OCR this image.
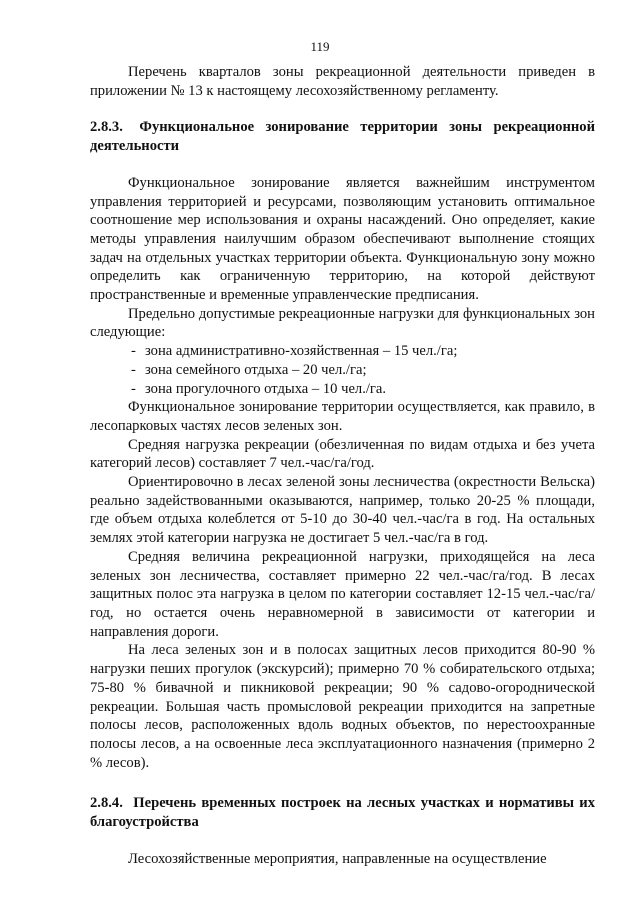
119

Перечень кварталов зоны рекреационной деятельности приведен в приложении № 13 к настоящему лесохозяйственному регламенту.

2.8.3. Функциональное зонирование территории зоны рекреационной деятельности

Функциональное зонирование является важнейшим инструментом управления территорией и ресурсами, позволяющим установить оптимальное соотношение мер использования и охраны насаждений. Оно определяет, какие методы управления наилучшим образом обеспечивают выполнение стоящих задач на отдельных участках территории объекта. Функциональную зону можно определить как ограниченную территорию, на которой действуют пространственные и временные управленческие предписания.

Предельно допустимые рекреационные нагрузки для функциональных зон следующие:

- зона административно-хозяйственная – 15 чел./га;
- зона семейного отдыха – 20 чел./га;
- зона прогулочного отдыха – 10 чел./га.

Функциональное зонирование территории осуществляется, как правило, в лесопарковых частях лесов зеленых зон.

Средняя нагрузка рекреации (обезличенная по видам отдыха и без учета категорий лесов) составляет 7 чел.-час/га/год.

Ориентировочно в лесах зеленой зоны лесничества (окрестности Вельска) реально задействованными оказываются, например, только 20-25 % площади, где объем отдыха колеблется от 5-10 до 30-40 чел.-час/га в год. На остальных землях этой категории нагрузка не достигает 5 чел.-час/га в год.

Средняя величина рекреационной нагрузки, приходящейся на леса зеленых зон лесничества, составляет примерно 22 чел.-час/га/год. В лесах защитных полос эта нагрузка в целом по категории составляет 12-15 чел.-час/га/год, но остается очень неравномерной в зависимости от категории и направления дороги.

На леса зеленых зон и в полосах защитных лесов приходится 80-90 % нагрузки пеших прогулок (экскурсий); примерно 70 % собирательского отдыха; 75-80 % бивачной и пикниковой рекреации; 90 % садово-огороднической рекреации. Большая часть промысловой рекреации приходится на запретные полосы лесов, расположенных вдоль водных объектов, по нерестоохранные полосы лесов, а на освоенные леса эксплуатационного назначения (примерно 2 % лесов).

2.8.4. Перечень временных построек на лесных участках и нормативы их благоустройства

Лесохозяйственные мероприятия, направленные на осуществление
